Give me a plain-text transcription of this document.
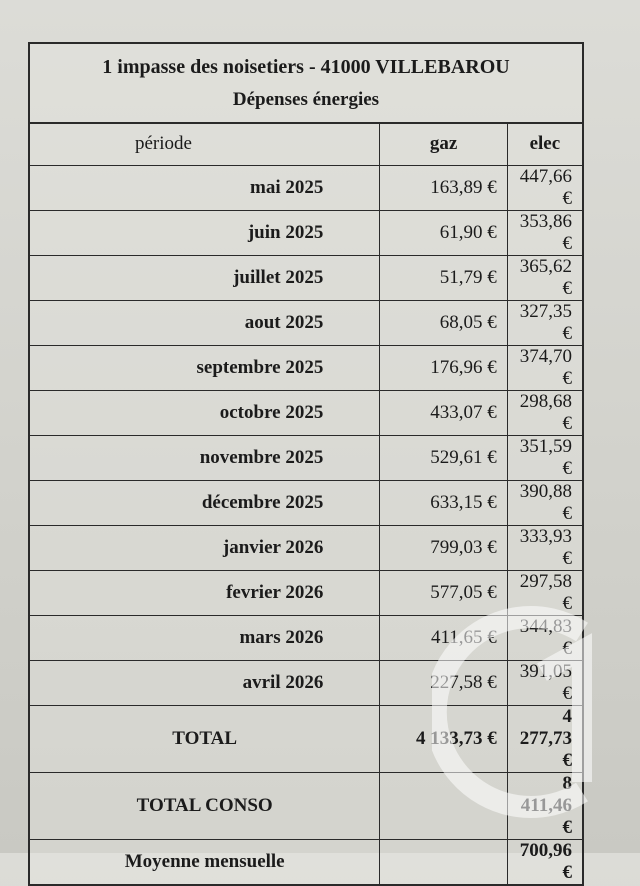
1 impasse des noisetiers - 41000 VILLEBAROU
Dépenses énergies
période	gaz	elec
mai 2025	163,89 €	447,66 €
juin 2025	61,90 €	353,86 €
juillet 2025	51,79 €	365,62 €
aout 2025	68,05 €	327,35 €
septembre 2025	176,96 €	374,70 €
octobre 2025	433,07 €	298,68 €
novembre 2025	529,61 €	351,59 €
décembre 2025	633,15 €	390,88 €
janvier 2026	799,03 €	333,93 €
fevrier 2026	577,05 €	297,58 €
mars 2026	411,65 €	344,83 €
avril 2026	227,58 €	391,05 €
TOTAL	4 133,73 €	4 277,73 €
TOTAL CONSO		8 411,46 €
Moyenne mensuelle		700,96 €
